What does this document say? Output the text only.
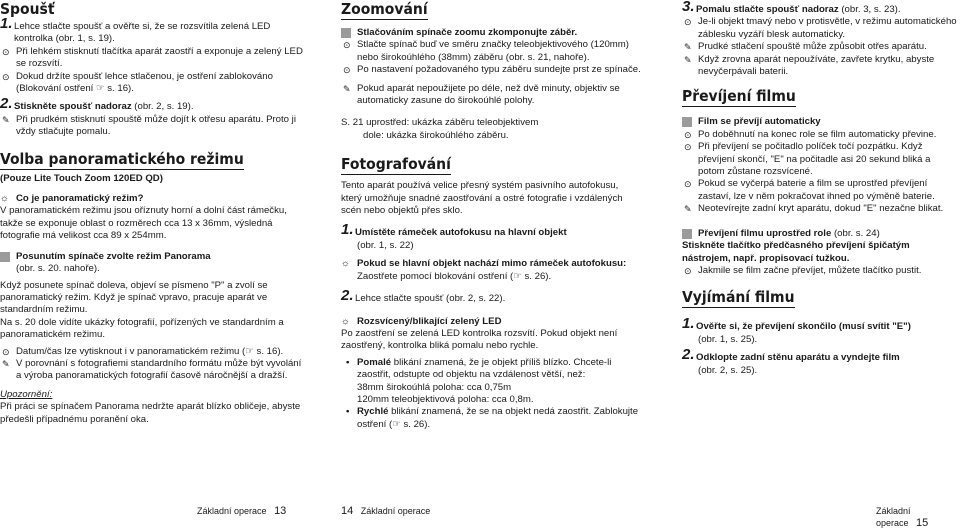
Spoušť

1. Lehce stlačte spoušť a ověřte si, že se rozsvítila zelená LED kontrolka (obr. 1, s. 19).

⊙ Při lehkém stisknutí tlačítka aparát zaostří a exponuje a zelený LED se rozsvítí.

⊙ Dokud držíte spoušť lehce stlačenou, je ostření zablokováno (Blokování ostření ☞ s. 16).

2. Stiskněte spoušť nadoraz (obr. 2, s. 19).

✎ Při prudkém stisknutí spouště může dojít k otřesu aparátu. Proto ji vždy stlačujte pomalu.

Volba panoramatického režimu

(Pouze Lite Touch Zoom 120ED QD)

☼ Co je panoramatický režim?

V panoramatickém režimu jsou oříznuty horní a dolní část rámečku, takže se exponuje oblast o rozměrech cca 13 x 36mm, výsledná fotografie má velikost cca 89 x 254mm.

Posunutím spínače zvolte režim Panorama

(obr. s. 20. nahoře).

Když posunete spínač doleva, objeví se písmeno "P" a zvolí se panoramatický režim. Když je spínač vpravo, pracuje aparát ve standardním režimu.

Na s. 20 dole vidíte ukázky fotografií, pořízených ve standardním a panoramatickém režimu.

⊙ Datum/čas lze vytisknout i v panoramatickém režimu (☞ s. 16).

✎ V porovnání s fotografiemi standardního formátu může být vyvolání a výroba panoramatických fotografií časově náročnější a dražší.

Upozornění:

Při práci se spínačem Panorama nedržte aparát blízko obličeje, abyste předešli případnému poranění oka.

Základní operace 13
Zoomování

Stlačováním spínače zoomu zkomponujte záběr.

⊙ Stlačte spínač buď ve směru značky teleobjektivového (120mm) nebo širokoúhlého (38mm) záběru (obr. s. 21, nahoře).

⊙ Po nastavení požadovaného typu záběru sundejte prst ze spínače.

✎ Pokud aparát nepoužijete po déle, než dvě minuty, objektiv se automaticky zasune do širokoúhlé polohy.

S. 21 uprostřed: ukázka záběru teleobjektivem

dole: ukázka širokoúhlého záběru.

Fotografování

Tento aparát používá velice přesný systém pasivního autofokusu, který umožňuje snadné zaostřování a ostré fotografie i vzdálených scén nebo objektů přes sklo.

1. Umístěte rámeček autofokusu na hlavní objekt

(obr. 1, s. 22)

☼ Pokud se hlavní objekt nachází mimo rámeček autofokusu:

Zaostřete pomocí blokování ostření (☞ s. 26).

2. Lehce stlačte spoušť (obr. 2, s. 22).

☼ Rozsvícený/blikající zelený LED

Po zaostření se zelená LED kontrolka rozsvítí. Pokud objekt není zaostřený, kontrolka bliká pomalu nebo rychle.

• Pomalé blikání znamená, že je objekt příliš blízko. Chcete-li zaostřit, odstupte od objektu na vzdálenost větší, než:

38mm širokoúhlá poloha: cca 0,75m

120mm teleobjektivová poloha: cca 0,8m.

• Rychlé blikání znamená, že se na objekt nedá zaostřit. Zablokujte ostření (☞ s. 26).

14 Základní operace

3. Pomalu stlačte spoušť nadoraz (obr. 3, s. 23).

⊙ Je-li objekt tmavý nebo v protisvětle, v režimu automatického záblesku vyzáří blesk automaticky.

✎ Prudké stlačení spouště může způsobit otřes aparátu.

✎ Když zrovna aparát nepoužíváte, zavřete krytku, abyste nevyčerpávali baterii.

Převíjení filmu

Film se převíjí automaticky

⊙ Po doběhnutí na konec role se film automaticky převine.

⊙ Při převíjení se počitadlo políček točí pozpátku. Když převíjení skončí, "E" na počitadle asi 20 sekund bliká a potom zůstane rozsvícené.

⊙ Pokud se vyčerpá baterie a film se uprostřed převíjení zastaví, lze v něm pokračovat ihned po výměně baterie.

✎ Neotevírejte zadní kryt aparátu, dokud "E" nezačne blikat.

Převíjení filmu uprostřed role (obr. s. 24)

Stiskněte tlačítko předčasného převíjení špičatým nástrojem, např. propisovací tužkou.

⊙ Jakmile se film začne převíjet, můžete tlačítko pustit.

Vyjímání filmu

1. Ověřte si, že převíjení skončilo (musí svítit "E")

(obr. 1, s. 25).

2. Odklopte zadní stěnu aparátu a vyndejte film

(obr. 2, s. 25).

Základní operace 15
